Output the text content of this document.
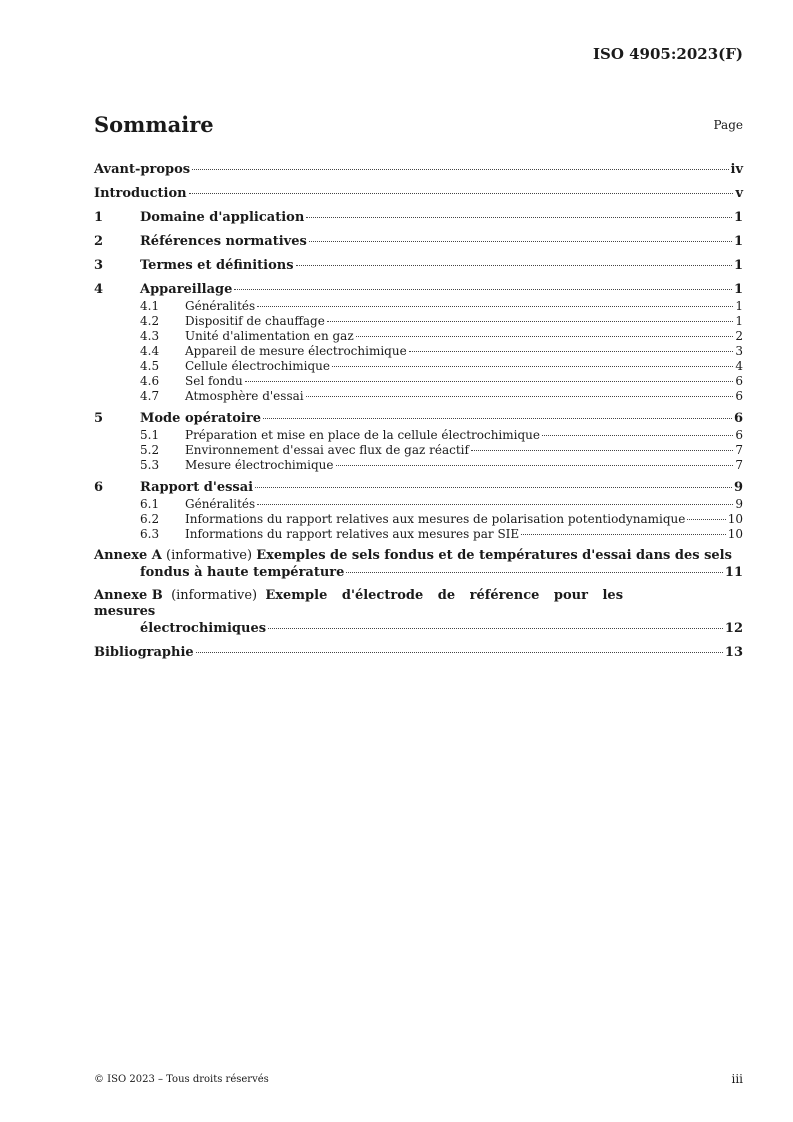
ISO 4905:2023(F)
Sommaire	Page
Avant-propos	iv
Introduction	v
1	Domaine d'application	1
2	Références normatives	1
3	Termes et définitions	1
4	Appareillage	1
4.1	Généralités	1
4.2	Dispositif de chauffage	1
4.3	Unité d'alimentation en gaz	2
4.4	Appareil de mesure électrochimique	3
4.5	Cellule électrochimique	4
4.6	Sel fondu	6
4.7	Atmosphère d'essai	6
5	Mode opératoire	6
5.1	Préparation et mise en place de la cellule électrochimique	6
5.2	Environnement d'essai avec flux de gaz réactif	7
5.3	Mesure électrochimique	7
6	Rapport d'essai	9
6.1	Généralités	9
6.2	Informations du rapport relatives aux mesures de polarisation potentiodynamique	10
6.3	Informations du rapport relatives aux mesures par SIE	10
Annexe A
(informative)
Exemples de sels fondus et de températures d'essai dans des sels
fondus à haute température	11
Annexe B (informative) Exemple d'électrode de référence pour les mesures
électrochimiques	12
Bibliographie	13
© ISO 2023 – Tous droits réservés	iii
